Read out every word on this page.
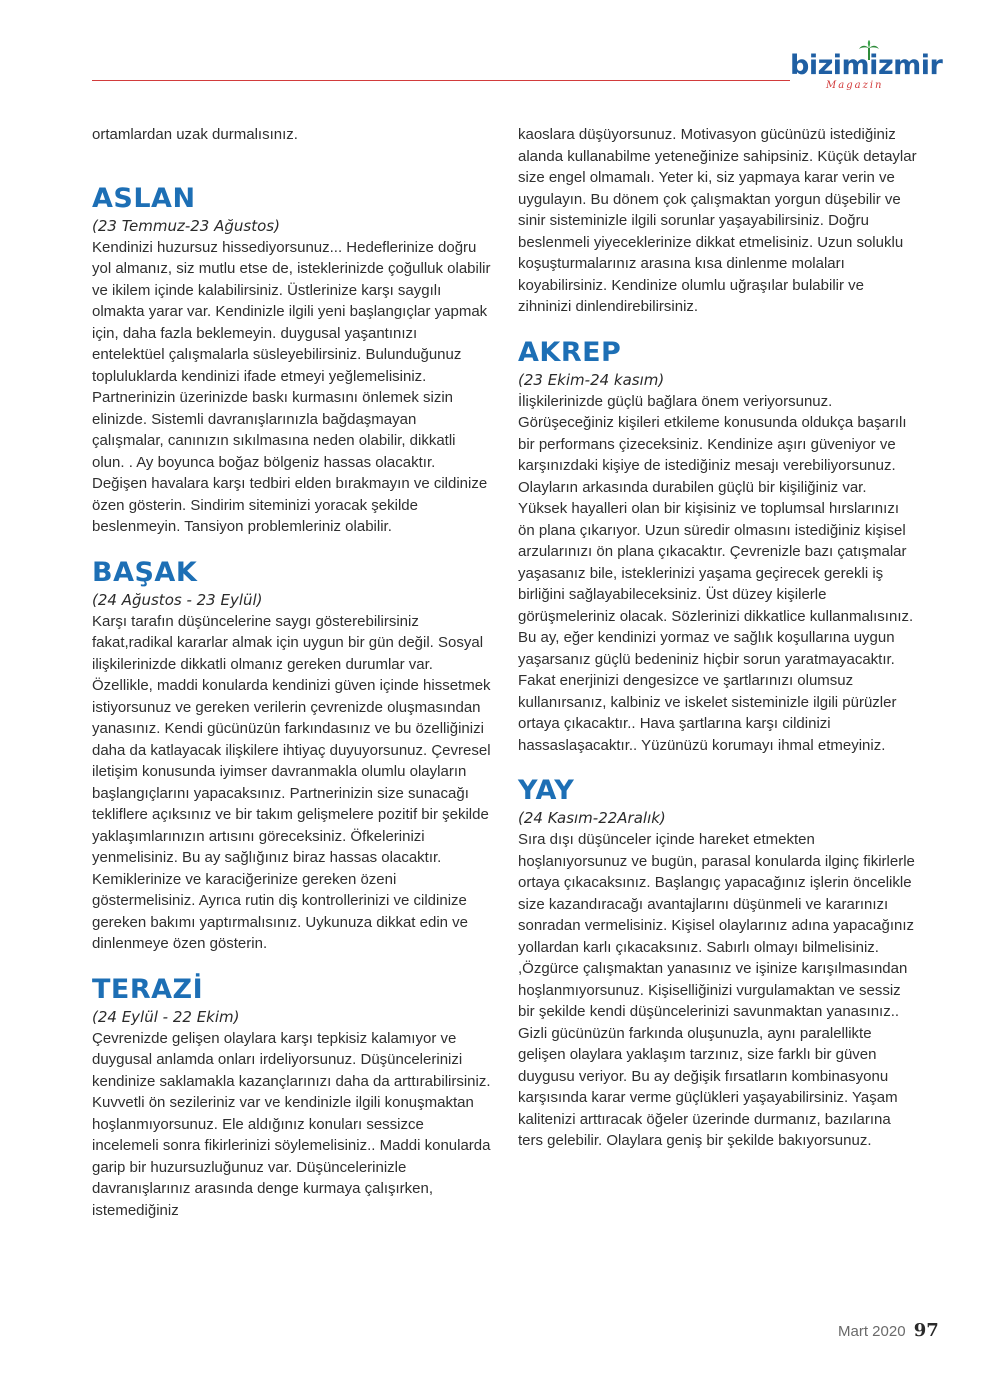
bizimizmir
Magazin

ortamlardan uzak durmalısınız.

ASLAN
(23 Temmuz-23 Ağustos)

Kendinizi huzursuz hissediyorsunuz... Hedeflerinize doğru yol almanız, siz mutlu etse de, isteklerinizde çoğulluk olabilir ve ikilem içinde kalabilirsiniz. Üstlerinize karşı saygılı olmakta yarar var. Kendinizle ilgili yeni başlangıçlar yapmak için, daha fazla beklemeyin. duygusal yaşantınızı entelektüel çalışmalarla süsleyebilirsiniz. Bulunduğunuz topluluklarda kendinizi ifade etmeyi yeğlemelisiniz. Partnerinizin üzerinizde baskı kurmasını önlemek sizin elinizde. Sistemli davranışlarınızla bağdaşmayan çalışmalar, canınızın sıkılmasına neden olabilir, dikkatli olun. . Ay boyunca boğaz bölgeniz hassas olacaktır. Değişen havalara karşı tedbiri elden bırakmayın ve cildinize özen gösterin. Sindirim siteminizi yoracak şekilde beslenmeyin. Tansiyon problemleriniz olabilir.

BAŞAK
(24 Ağustos - 23 Eylül)

Karşı tarafın düşüncelerine saygı gösterebilirsiniz fakat,radikal kararlar almak için uygun bir gün değil. Sosyal ilişkilerinizde dikkatli olmanız gereken durumlar var. Özellikle, maddi konularda kendinizi güven içinde hissetmek istiyorsunuz ve gereken verilerin çevrenizde oluşmasından yanasınız. Kendi gücünüzün farkındasınız ve bu özelliğinizi daha da katlayacak ilişkilere ihtiyaç duyuyorsunuz. Çevresel iletişim konusunda iyimser davranmakla olumlu olayların başlangıçlarını yapacaksınız. Partnerinizin size sunacağı tekliflere açıksınız ve bir takım gelişmelere pozitif bir şekilde yaklaşımlarınızın artısını göreceksiniz. Öfkelerinizi yenmelisiniz. Bu ay sağlığınız biraz hassas olacaktır. Kemiklerinize ve karaciğerinize gereken özeni göstermelisiniz. Ayrıca rutin diş kontrollerinizi ve cildinize gereken bakımı yaptırmalısınız. Uykunuza dikkat edin ve dinlenmeye özen gösterin.

TERAZİ
(24 Eylül - 22 Ekim)

Çevrenizde gelişen olaylara karşı tepkisiz kalamıyor ve duygusal anlamda onları irdeliyorsunuz. Düşüncelerinizi kendinize saklamakla kazançlarınızı daha da arttırabilirsiniz. Kuvvetli ön sezileriniz var ve kendinizle ilgili konuşmaktan hoşlanmıyorsunuz. Ele aldığınız konuları sessizce incelemeli sonra fikirlerinizi söylemelisiniz.. Maddi konularda garip bir huzursuzluğunuz var. Düşüncelerinizle davranışlarınız arasında denge kurmaya çalışırken, istemediğiniz

kaoslara düşüyorsunuz. Motivasyon gücünüzü istediğiniz alanda kullanabilme yeteneğinize sahipsiniz. Küçük detaylar size engel olmamalı. Yeter ki, siz yapmaya karar verin ve uygulayın. Bu dönem çok çalışmaktan yorgun düşebilir ve sinir sisteminizle ilgili sorunlar yaşayabilirsiniz. Doğru beslenmeli yiyeceklerinize dikkat etmelisiniz. Uzun soluklu koşuşturmalarınız arasına kısa dinlenme molaları koyabilirsiniz. Kendinize olumlu uğraşılar bulabilir ve zihninizi dinlendirebilirsiniz.

AKREP
(23 Ekim-24 kasım)

İlişkilerinizde güçlü bağlara önem veriyorsunuz. Görüşeceğiniz kişileri etkileme konusunda oldukça başarılı bir performans çizeceksiniz. Kendinize aşırı güveniyor ve karşınızdaki kişiye de istediğiniz mesajı verebiliyorsunuz. Olayların arkasında durabilen güçlü bir kişiliğiniz var. Yüksek hayalleri olan bir kişisiniz ve toplumsal hırslarınızı ön plana çıkarıyor. Uzun süredir olmasını istediğiniz kişisel arzularınızı ön plana çıkacaktır. Çevrenizle bazı çatışmalar yaşasanız bile, isteklerinizi yaşama geçirecek gerekli iş birliğini sağlayabileceksiniz. Üst düzey kişilerle görüşmeleriniz olacak. Sözlerinizi dikkatlice kullanmalısınız. Bu ay, eğer kendinizi yormaz ve sağlık koşullarına uygun yaşarsanız güçlü bedeniniz hiçbir sorun yaratmayacaktır. Fakat enerjinizi dengesizce ve şartlarınızı olumsuz kullanırsanız, kalbiniz ve iskelet sisteminizle ilgili pürüzler ortaya çıkacaktır.. Hava şartlarına karşı cildinizi hassaslaşacaktır.. Yüzünüzü korumayı ihmal etmeyiniz.

YAY
(24 Kasım-22Aralık)

Sıra dışı düşünceler içinde hareket etmekten hoşlanıyorsunuz ve bugün, parasal konularda ilginç fikirlerle ortaya çıkacaksınız. Başlangıç yapacağınız işlerin öncelikle size kazandıracağı avantajlarını düşünmeli ve kararınızı sonradan vermelisiniz. Kişisel olaylarınız adına yapacağınız yollardan karlı çıkacaksınız. Sabırlı olmayı bilmelisiniz. ,Özgürce çalışmaktan yanasınız ve işinize karışılmasından hoşlanmıyorsunuz. Kişiselliğinizi vurgulamaktan ve sessiz bir şekilde kendi düşüncelerinizi savunmaktan yanasınız.. Gizli gücünüzün farkında oluşunuzla, aynı paralellikte gelişen olaylara yaklaşım tarzınız, size farklı bir güven duygusu veriyor. Bu ay değişik fırsatların kombinasyonu karşısında karar verme güçlükleri yaşayabilirsiniz. Yaşam kalitenizi arttıracak öğeler üzerinde durmanız, bazılarına ters gelebilir. Olaylara geniş bir şekilde bakıyorsunuz.

Mart 2020 97
